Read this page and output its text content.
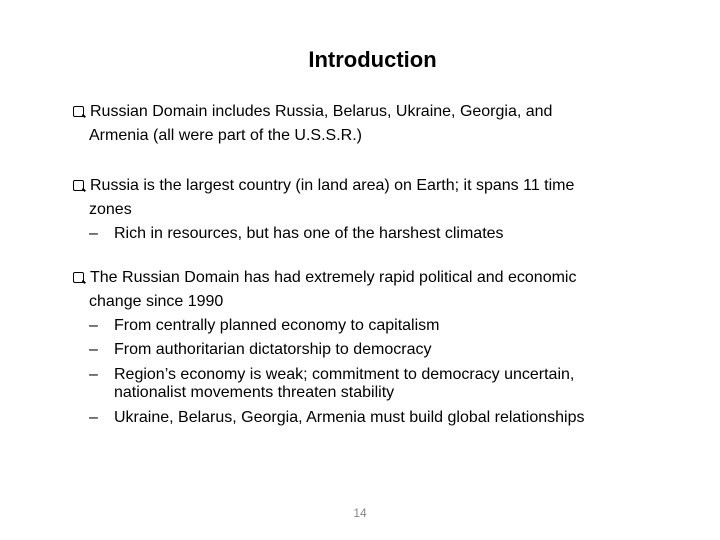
Introduction
Russian Domain includes Russia, Belarus, Ukraine, Georgia, and
Armenia (all were part of the U.S.S.R.)
Russia is the largest country (in land area) on Earth; it spans 11 time
zones
– Rich in resources, but has one of the harshest climates
The Russian Domain has had extremely rapid political and economic
change since 1990
– From centrally planned economy to capitalism
– From authoritarian dictatorship to democracy
– Region’s economy is weak; commitment to democracy uncertain,
nationalist movements threaten stability
– Ukraine, Belarus, Georgia, Armenia must build global relationships
14
